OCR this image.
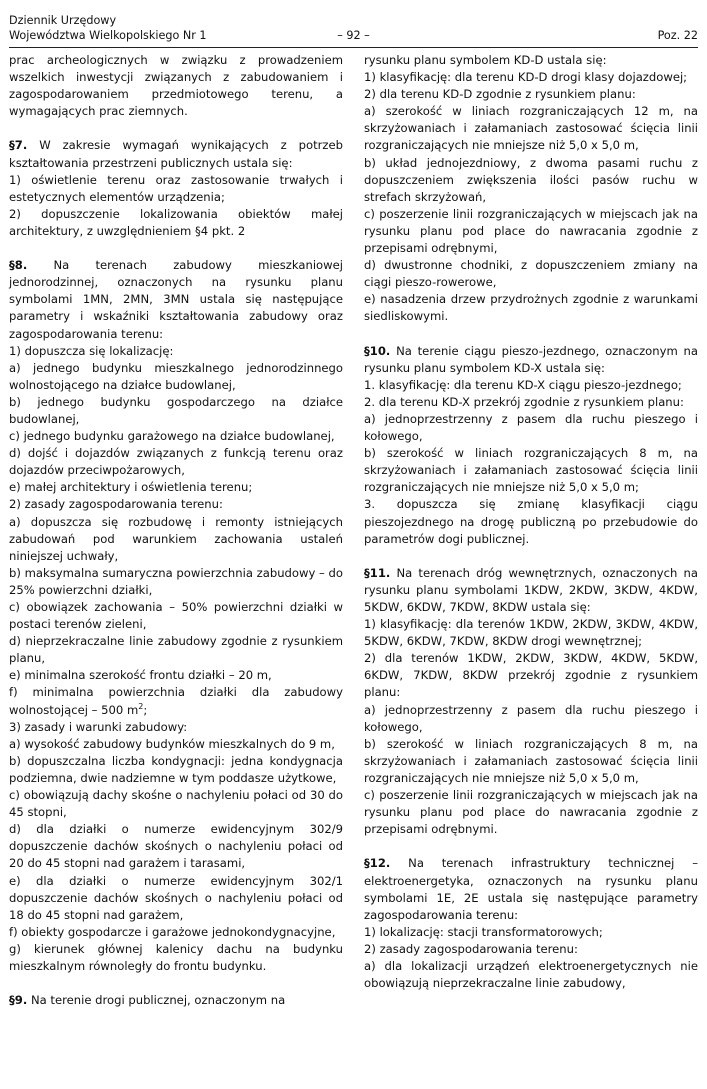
Dziennik Urzędowy
Województwa Wielkopolskiego Nr 1	– 92 –	Poz. 22

prac archeologicznych w związku z prowadzeniem wszelkich inwestycji związanych z zabudowaniem i zagospodarowaniem przedmiotowego terenu, a wymagających prac ziemnych.

§7. W zakresie wymagań wynikających z potrzeb kształtowania przestrzeni publicznych ustala się:

1) oświetlenie terenu oraz zastosowanie trwałych i estetycznych elementów urządzenia;

2) dopuszczenie lokalizowania obiektów małej architektury, z uwzględnieniem §4 pkt. 2

§8. Na terenach zabudowy mieszkaniowej jednorodzinnej, oznaczonych na rysunku planu symbolami 1MN, 2MN, 3MN ustala się następujące parametry i wskaźniki kształtowania zabudowy oraz zagospodarowania terenu:

1) dopuszcza się lokalizację:

a) jednego budynku mieszkalnego jednorodzinnego wolnostojącego na działce budowlanej,

b) jednego budynku gospodarczego na działce budowlanej,

c) jednego budynku garażowego na działce budowlanej,

d) dojść i dojazdów związanych z funkcją terenu oraz dojazdów przeciwpożarowych,

e) małej architektury i oświetlenia terenu;

2) zasady zagospodarowania terenu:

a) dopuszcza się rozbudowę i remonty istniejących zabudowań pod warunkiem zachowania ustaleń niniejszej uchwały,

b) maksymalna sumaryczna powierzchnia zabudowy – do 25% powierzchni działki,

c) obowiązek zachowania – 50% powierzchni działki w postaci terenów zieleni,

d) nieprzekraczalne linie zabudowy zgodnie z rysunkiem planu,

e) minimalna szerokość frontu działki – 20 m,

f) minimalna powierzchnia działki dla zabudowy wolnostojącej – 500 $m^2$;

3) zasady i warunki zabudowy:

a) wysokość zabudowy budynków mieszkalnych do 9 m,

b) dopuszczalna liczba kondygnacji: jedna kondygnacja podziemna, dwie nadziemne w tym poddasze użytkowe,

c) obowiązują dachy skośne o nachyleniu połaci od 30 do 45 stopni,

d) dla działki o numerze ewidencyjnym 302/9 dopuszczenie dachów skośnych o nachyleniu połaci od 20 do 45 stopni nad garażem i tarasami,

e) dla działki o numerze ewidencyjnym 302/1 dopuszczenie dachów skośnych o nachyleniu połaci od 18 do 45 stopni nad garażem,

f) obiekty gospodarcze i garażowe jednokondygnacyjne,

g) kierunek głównej kalenicy dachu na budynku mieszkalnym równoległy do frontu budynku.

§9. Na terenie drogi publicznej, oznaczonym na

rysunku planu symbolem KD-D ustala się:

1) klasyfikację: dla terenu KD-D drogi klasy dojazdowej;

2) dla terenu KD-D zgodnie z rysunkiem planu:

a) szerokość w liniach rozgraniczających 12 m, na skrzyżowaniach i załamaniach zastosować ścięcia linii rozgraniczających nie mniejsze niż 5,0 x 5,0 m,

b) układ jednojezdniowy, z dwoma pasami ruchu z dopuszczeniem zwiększenia ilości pasów ruchu w strefach skrzyżowań,

c) poszerzenie linii rozgraniczających w miejscach jak na rysunku planu pod place do nawracania zgodnie z przepisami odrębnymi,

d) dwustronne chodniki, z dopuszczeniem zmiany na ciągi pieszo-rowerowe,

e) nasadzenia drzew przydrożnych zgodnie z warunkami siedliskowymi.

§10. Na terenie ciągu pieszo-jezdnego, oznaczonym na rysunku planu symbolem KD-X ustala się:

1. klasyfikację: dla terenu KD-X ciągu pieszo-jezdnego;

2. dla terenu KD-X przekrój zgodnie z rysunkiem planu:

a) jednoprzestrzenny z pasem dla ruchu pieszego i kołowego,

b) szerokość w liniach rozgraniczających 8 m, na skrzyżowaniach i załamaniach zastosować ścięcia linii rozgraniczających nie mniejsze niż 5,0 x 5,0 m;

3. dopuszcza się zmianę klasyfikacji ciągu pieszojezdnego na drogę publiczną po przebudowie do parametrów dogi publicznej.

§11. Na terenach dróg wewnętrznych, oznaczonych na rysunku planu symbolami 1KDW, 2KDW, 3KDW, 4KDW, 5KDW, 6KDW, 7KDW, 8KDW ustala się:

1) klasyfikację: dla terenów 1KDW, 2KDW, 3KDW, 4KDW, 5KDW, 6KDW, 7KDW, 8KDW drogi wewnętrznej;

2) dla terenów 1KDW, 2KDW, 3KDW, 4KDW, 5KDW, 6KDW, 7KDW, 8KDW przekrój zgodnie z rysunkiem planu:

a) jednoprzestrzenny z pasem dla ruchu pieszego i kołowego,

b) szerokość w liniach rozgraniczających 8 m, na skrzyżowaniach i załamaniach zastosować ścięcia linii rozgraniczających nie mniejsze niż 5,0 x 5,0 m,

c) poszerzenie linii rozgraniczających w miejscach jak na rysunku planu pod place do nawracania zgodnie z przepisami odrębnymi.

§12. Na terenach infrastruktury technicznej – elektroenergetyka, oznaczonych na rysunku planu symbolami 1E, 2E ustala się następujące parametry zagospodarowania terenu:

1) lokalizację: stacji transformatorowych;

2) zasady zagospodarowania terenu:

a) dla lokalizacji urządzeń elektroenergetycznych nie obowiązują nieprzekraczalne linie zabudowy,
